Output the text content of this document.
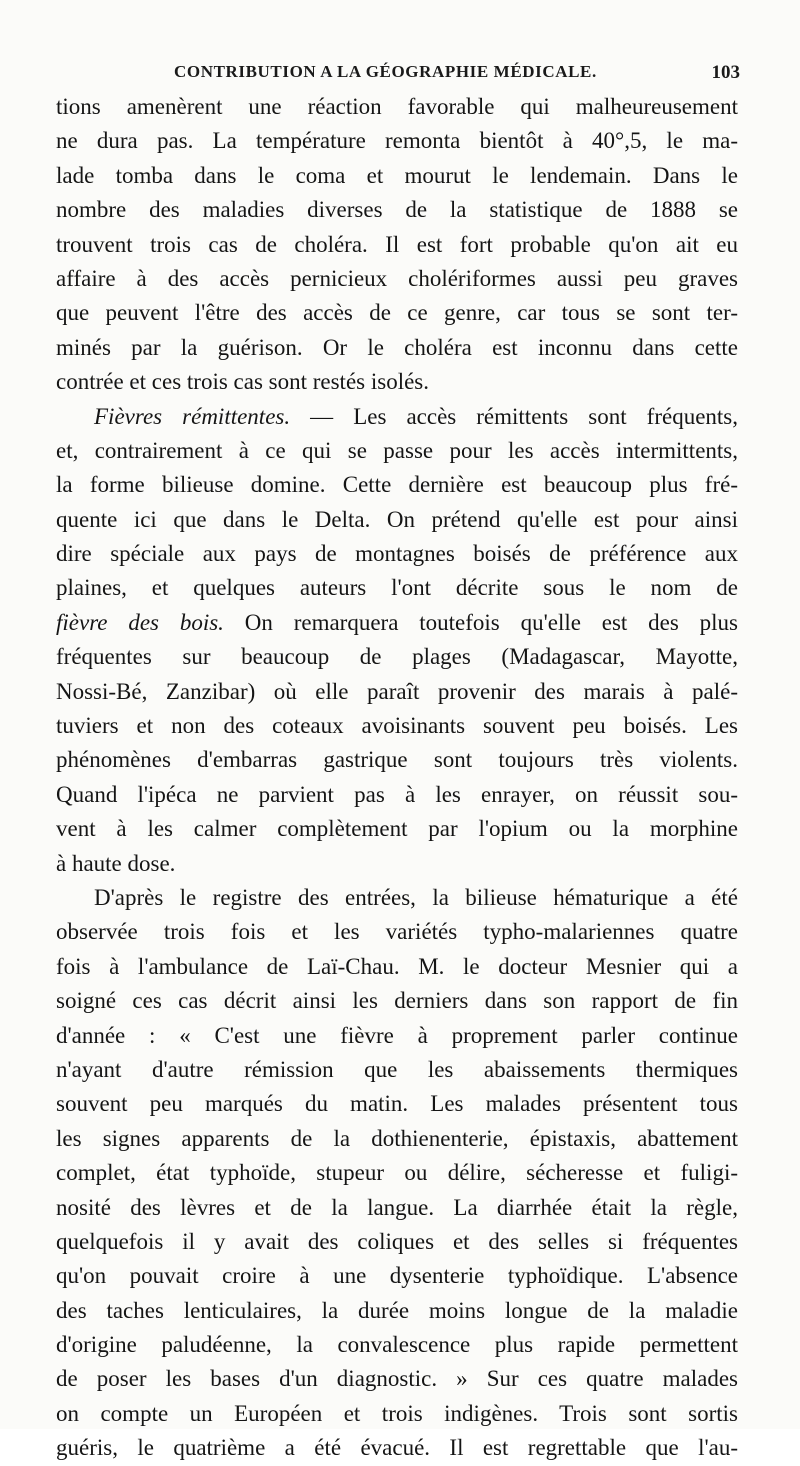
CONTRIBUTION A LA GÉOGRAPHIE MÉDICALE.	103
tions amenèrent une réaction favorable qui malheureusement
ne dura pas. La température remonta bientôt à 40°,5, le ma-
lade tomba dans le coma et mourut le lendemain. Dans le
nombre des maladies diverses de la statistique de 1888 se
trouvent trois cas de choléra. Il est fort probable qu'on ait eu
affaire à des accès pernicieux cholériformes aussi peu graves
que peuvent l'être des accès de ce genre, car tous se sont ter-
minés par la guérison. Or le choléra est inconnu dans cette
contrée et ces trois cas sont restés isolés.
Fièvres rémittentes. — Les accès rémittents sont fréquents,
et, contrairement à ce qui se passe pour les accès intermittents,
la forme bilieuse domine. Cette dernière est beaucoup plus fré-
quente ici que dans le Delta. On prétend qu'elle est pour ainsi
dire spéciale aux pays de montagnes boisés de préférence aux
plaines, et quelques auteurs l'ont décrite sous le nom de
fièvre des bois. On remarquera toutefois qu'elle est des plus
fréquentes sur beaucoup de plages (Madagascar, Mayotte,
Nossi-Bé, Zanzibar) où elle paraît provenir des marais à palé-
tuviers et non des coteaux avoisinants souvent peu boisés. Les
phénomènes d'embarras gastrique sont toujours très violents.
Quand l'ipéca ne parvient pas à les enrayer, on réussit sou-
vent à les calmer complètement par l'opium ou la morphine
à haute dose.
D'après le registre des entrées, la bilieuse hématurique a été
observée trois fois et les variétés typho-malariennes quatre
fois à l'ambulance de Laï-Chau. M. le docteur Mesnier qui a
soigné ces cas décrit ainsi les derniers dans son rapport de fin
d'année : « C'est une fièvre à proprement parler continue
n'ayant d'autre rémission que les abaissements thermiques
souvent peu marqués du matin. Les malades présentent tous
les signes apparents de la dothienenterie, épistaxis, abattement
complet, état typhoïde, stupeur ou délire, sécheresse et fuligi-
nosité des lèvres et de la langue. La diarrhée était la règle,
quelquefois il y avait des coliques et des selles si fréquentes
qu'on pouvait croire à une dysenterie typhoïdique. L'absence
des taches lenticulaires, la durée moins longue de la maladie
d'origine paludéenne, la convalescence plus rapide permettent
de poser les bases d'un diagnostic. » Sur ces quatre malades
on compte un Européen et trois indigènes. Trois sont sortis
guéris, le quatrième a été évacué. Il est regrettable que l'au-
